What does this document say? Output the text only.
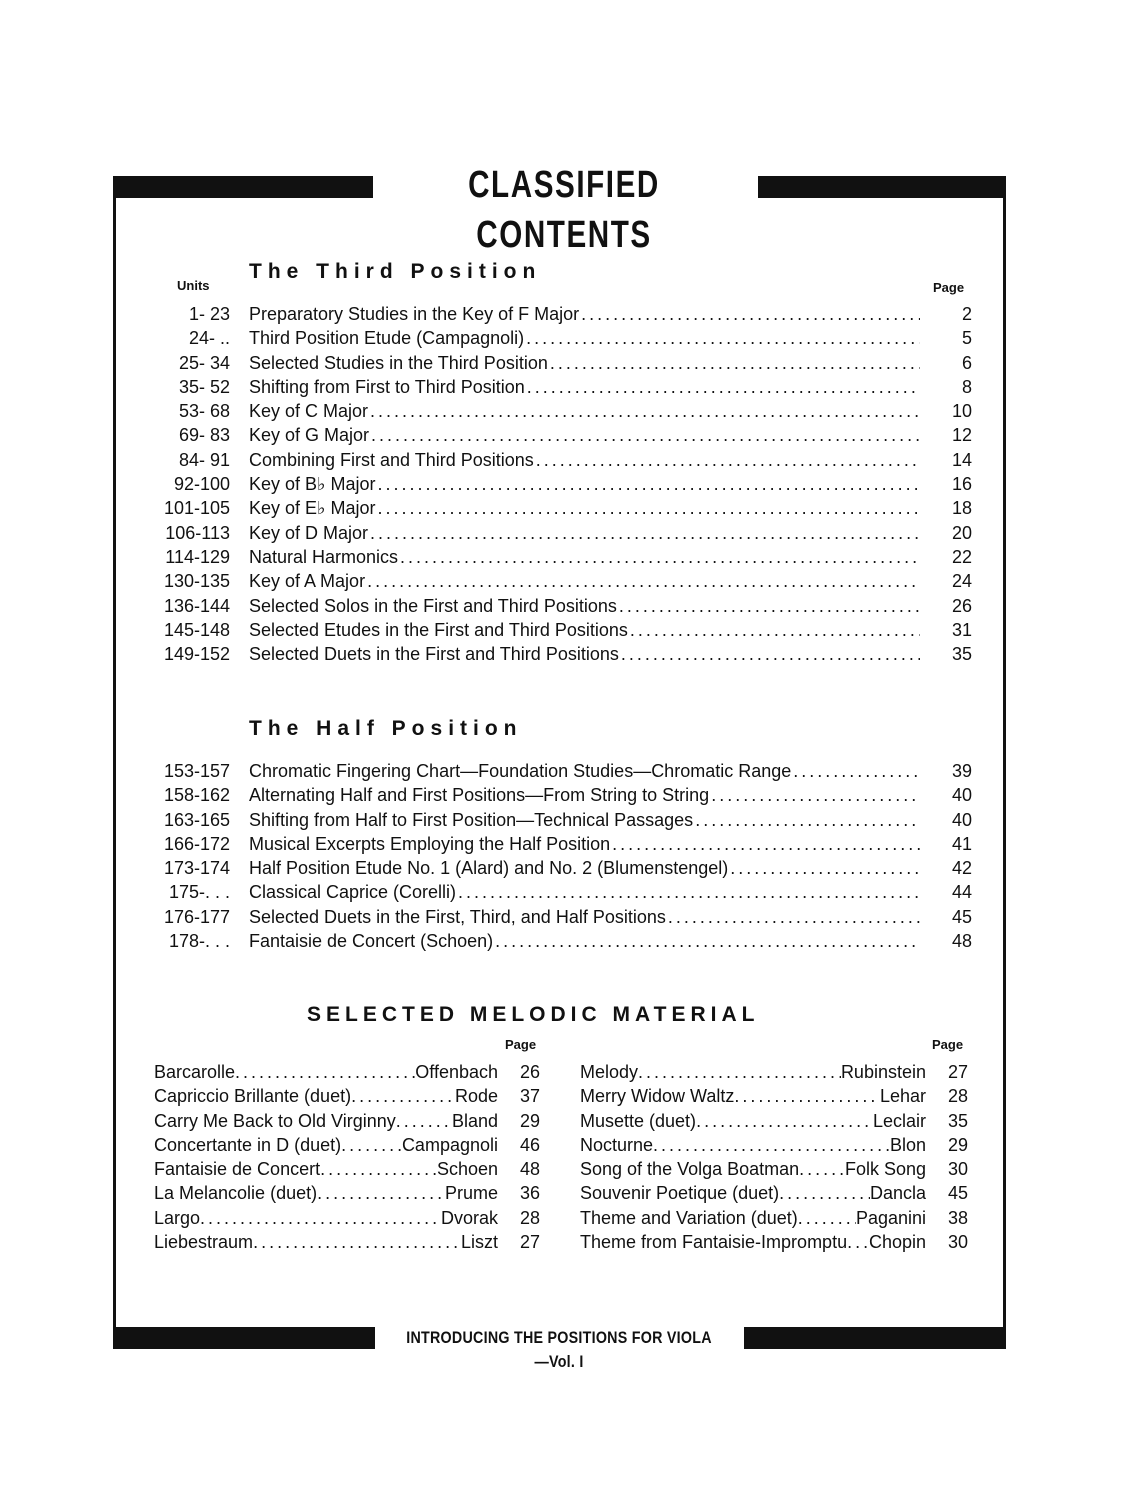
CLASSIFIED CONTENTS
INTRODUCING THE POSITIONS FOR VIOLA—Vol. I
The Third Position
Units	Page
1- 23 Preparatory Studies in the Key of F Major .....	2
24- .. Third Position Etude (Campagnoli) .....	5
25- 34 Selected Studies in the Third Position .....	6
35- 52 Shifting from First to Third Position .....	8
53- 68 Key of C Major .....	10
69- 83 Key of G Major .....	12
84- 91 Combining First and Third Positions .....	14
92-100 Key of B♭ Major .....	16
101-105 Key of E♭ Major .....	18
106-113 Key of D Major .....	20
114-129 Natural Harmonics .....	22
130-135 Key of A Major .....	24
136-144 Selected Solos in the First and Third Positions .....	26
145-148 Selected Etudes in the First and Third Positions .....	31
149-152 Selected Duets in the First and Third Positions .....	35
The Half Position
153-157 Chromatic Fingering Chart—Foundation Studies—Chromatic Range .....	39
158-162 Alternating Half and First Positions—From String to String .....	40
163-165 Shifting from Half to First Position—Technical Passages .....	40
166-172 Musical Excerpts Employing the Half Position .....	41
173-174 Half Position Etude No. 1 (Alard) and No. 2 (Blumenstengel) .....	42
175-. . . Classical Caprice (Corelli) .....	44
176-177 Selected Duets in the First, Third, and Half Positions .....	45
178-. . . Fantaisie de Concert (Schoen) .....	48
SELECTED MELODIC MATERIAL
Page	Page
Barcarolle .....	Offenbach	26
Capriccio Brillante (duet) .....	Rode	37
Carry Me Back to Old Virginny .....	Bland	29
Concertante in D (duet) .....	Campagnoli	46
Fantaisie de Concert .....	Schoen	48
La Melancolie (duet) .....	Prume	36
Largo .....	Dvorak	28
Liebestraum .....	Liszt	27
Melody .....	Rubinstein	27
Merry Widow Waltz .....	Lehar	28
Musette (duet) .....	Leclair	35
Nocturne .....	Blon	29
Song of the Volga Boatman .....	Folk Song	30
Souvenir Poetique (duet) .....	Dancla	45
Theme and Variation (duet) .....	Paganini	38
Theme from Fantaisie-Impromptu ..... Chopin	30
